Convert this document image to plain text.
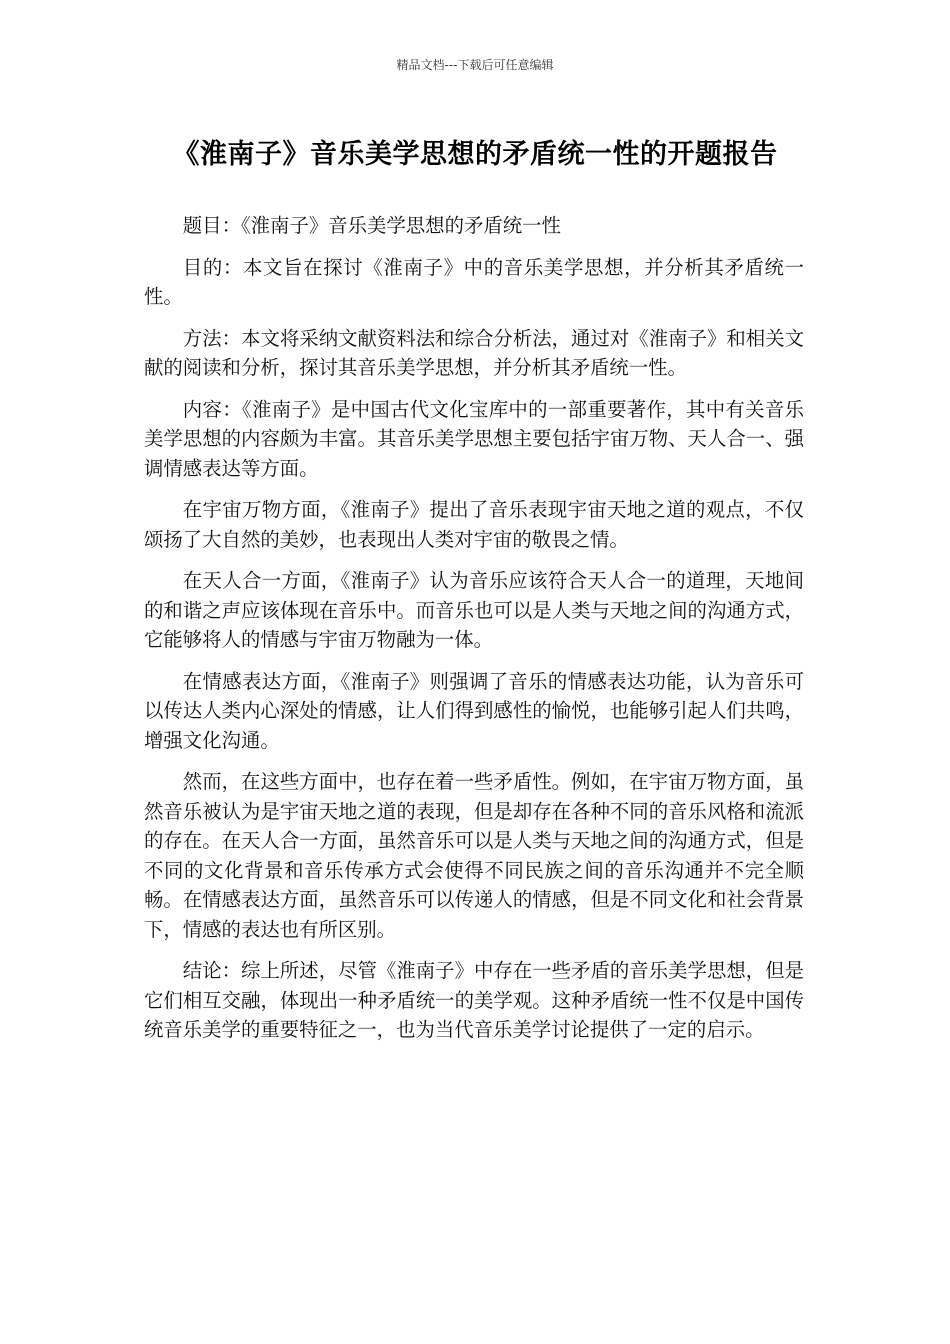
精品文档---下载后可任意编辑
《淮南子》音乐美学思想的矛盾统一性的开题报告

题目：《淮南子》音乐美学思想的矛盾统一性

目的：本文旨在探讨《淮南子》中的音乐美学思想，并分析其矛盾统一性。

方法：本文将采纳文献资料法和综合分析法，通过对《淮南子》和相关文献的阅读和分析，探讨其音乐美学思想，并分析其矛盾统一性。

内容：《淮南子》是中国古代文化宝库中的一部重要著作，其中有关音乐美学思想的内容颇为丰富。其音乐美学思想主要包括宇宙万物、天人合一、强调情感表达等方面。

在宇宙万物方面，《淮南子》提出了音乐表现宇宙天地之道的观点，不仅颂扬了大自然的美妙，也表现出人类对宇宙的敬畏之情。

在天人合一方面，《淮南子》认为音乐应该符合天人合一的道理，天地间的和谐之声应该体现在音乐中。而音乐也可以是人类与天地之间的沟通方式，它能够将人的情感与宇宙万物融为一体。

在情感表达方面，《淮南子》则强调了音乐的情感表达功能，认为音乐可以传达人类内心深处的情感，让人们得到感性的愉悦，也能够引起人们共鸣，增强文化沟通。

然而，在这些方面中，也存在着一些矛盾性。例如，在宇宙万物方面，虽然音乐被认为是宇宙天地之道的表现，但是却存在各种不同的音乐风格和流派的存在。在天人合一方面，虽然音乐可以是人类与天地之间的沟通方式，但是不同的文化背景和音乐传承方式会使得不同民族之间的音乐沟通并不完全顺畅。在情感表达方面，虽然音乐可以传递人的情感，但是不同文化和社会背景下，情感的表达也有所区别。

结论：综上所述，尽管《淮南子》中存在一些矛盾的音乐美学思想，但是它们相互交融，体现出一种矛盾统一的美学观。这种矛盾统一性不仅是中国传统音乐美学的重要特征之一，也为当代音乐美学讨论提供了一定的启示。
